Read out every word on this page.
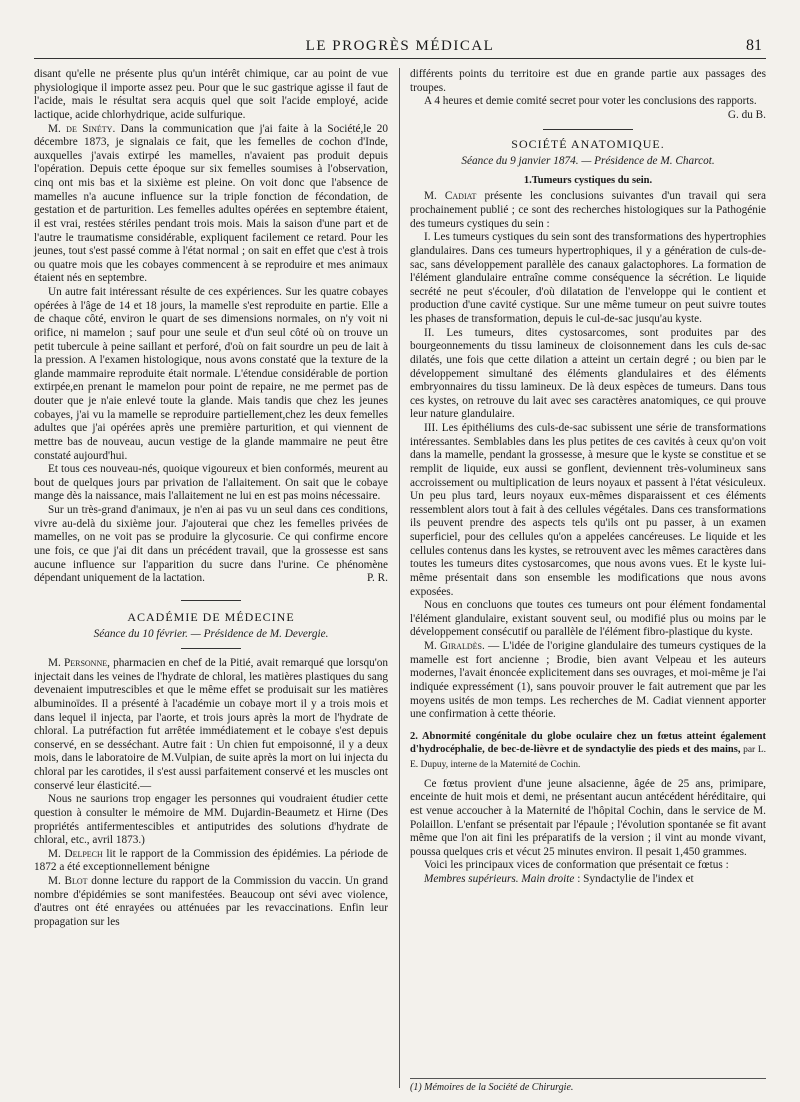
LE PROGRÈS MÉDICAL	81

disant qu'elle ne présente plus qu'un intérêt chimique, car au point de vue physiologique il importe assez peu. Pour que le suc gastrique agisse il faut de l'acide, mais le résultat sera acquis quel que soit l'acide employé, acide lactique, acide chlorhydrique, acide sulfurique.

M. de Sinéty. Dans la communication que j'ai faite à la Société,le 20 décembre 1873, je signalais ce fait, que les femelles de cochon d'Inde, auxquelles j'avais extirpé les mamelles, n'avaient pas produit depuis l'opération. Depuis cette époque sur six femelles soumises à l'observation, cinq ont mis bas et la sixième est pleine. On voit donc que l'absence de mamelles n'a aucune influence sur la triple fonction de fécondation, de gestation et de parturition. Les femelles adultes opérées en septembre étaient, il est vrai, restées stériles pendant trois mois. Mais la saison d'une part et de l'autre le traumatisme considérable, expliquent facilement ce retard. Pour les jeunes, tout s'est passé comme à l'état normal ; on sait en effet que c'est à trois ou quatre mois que les cobayes commencent à se reproduire et mes animaux étaient nés en septembre.

Un autre fait intéressant résulte de ces expériences. Sur les quatre cobayes opérées à l'âge de 14 et 18 jours, la mamelle s'est reproduite en partie. Elle a de chaque côté, environ le quart de ses dimensions normales, on n'y voit ni orifice, ni mamelon ; sauf pour une seule et d'un seul côté où on trouve un petit tubercule à peine saillant et perforé, d'où on fait sourdre un peu de lait à la pression. A l'examen histologique, nous avons constaté que la texture de la glande mammaire reproduite était normale. L'étendue considérable de portion extirpée,en prenant le mamelon pour point de repaire, ne me permet pas de douter que je n'aie enlevé toute la glande. Mais tandis que chez les jeunes cobayes, j'ai vu la mamelle se reproduire partiellement,chez les deux femelles adultes que j'ai opérées après une première parturition, et qui viennent de mettre bas de nouveau, aucun vestige de la glande mammaire ne peut être constaté aujourd'hui.

Et tous ces nouveau-nés, quoique vigoureux et bien conformés, meurent au bout de quelques jours par privation de l'allaitement. On sait que le cobaye mange dès la naissance, mais l'allaitement ne lui en est pas moins nécessaire.

Sur un très-grand d'animaux, je n'en ai pas vu un seul dans ces conditions, vivre au-delà du sixième jour. J'ajouterai que chez les femelles privées de mamelles, on ne voit pas se produire la glycosurie. Ce qui confirme encore une fois, ce que j'ai dit dans un précédent travail, que la grossesse est sans aucune influence sur l'apparition du sucre dans l'urine. Ce phénomène dépendant uniquement de la lactation.	P. R.

ACADÉMIE DE MÉDECINE
Séance du 10 février. — Présidence de M. Devergie.

M. Personne, pharmacien en chef de la Pitié, avait remarqué que lorsqu'on injectait dans les veines de l'hydrate de chloral, les matières plastiques du sang devenaient imputrescibles et que le même effet se produisait sur les matières albuminoïdes. Il a présenté à l'académie un cobaye mort il y a trois mois et dans lequel il injecta, par l'aorte, et trois jours après la mort de l'hydrate de chloral. La putréfaction fut arrêtée immédiatement et le cobaye s'est depuis conservé, en se desséchant. Autre fait : Un chien fut empoisonné, il y a deux mois, dans le laboratoire de M.Vulpian, de suite après la mort on lui injecta du chloral par les carotides, il s'est aussi parfaitement conservé et les muscles ont conservé leur élasticité.—

Nous ne saurions trop engager les personnes qui voudraient étudier cette question à consulter le mémoire de MM. Dujardin-Beaumetz et Hirne (Des propriétés antifermentescibles et antiputrides des solutions d'hydrate de chloral, etc., avril 1873.)

M. Delpech lit le rapport de la Commission des épidémies. La période de 1872 a été exceptionnellement bénigne

M. Blot donne lecture du rapport de la Commission du vaccin. Un grand nombre d'épidémies se sont manifestées. Beaucoup ont sévi avec violence, d'autres ont été enrayées ou atténuées par les revaccinations. Enfin leur propagation sur les

différents points du territoire est due en grande partie aux passages des troupes.

A 4 heures et demie comité secret pour voter les conclusions des rapports.
G. du B.

SOCIÉTÉ ANATOMIQUE.
Séance du 9 janvier 1874. — Présidence de M. Charcot.
1.Tumeurs cystiques du sein.

M. Cadiat présente les conclusions suivantes d'un travail qui sera prochainement publié ; ce sont des recherches histologiques sur la Pathogénie des tumeurs cystiques du sein :

I. Les tumeurs cystiques du sein sont des transformations des hypertrophies glandulaires. Dans ces tumeurs hypertrophiques, il y a génération de culs-de-sac, sans développement parallèle des canaux galactophores. La formation de l'élément glandulaire entraîne comme conséquence la sécrétion. Le liquide secrété ne peut s'écouler, d'où dilatation de l'enveloppe qui le contient et production d'une cavité cystique. Sur une même tumeur on peut suivre toutes les phases de transformation, depuis le cul-de-sac jusqu'au kyste.

II. Les tumeurs, dites cystosarcomes, sont produites par des bourgeonnements du tissu lamineux de cloisonnement dans les culs de-sac dilatés, une fois que cette dilation a atteint un certain degré ; ou bien par le développement simultané des éléments glandulaires et des éléments embryonnaires du tissu lamineux. De là deux espèces de tumeurs. Dans tous ces kystes, on retrouve du lait avec ses caractères anatomiques, ce qui prouve leur nature glandulaire.

III. Les épithéliums des culs-de-sac subissent une série de transformations intéressantes. Semblables dans les plus petites de ces cavités à ceux qu'on voit dans la mamelle, pendant la grossesse, à mesure que le kyste se constitue et se remplit de liquide, eux aussi se gonflent, deviennent très-volumineux sans accroissement ou multiplication de leurs noyaux et passent à l'état vésiculeux. Un peu plus tard, leurs noyaux eux-mêmes disparaissent et ces éléments ressemblent alors tout à fait à des cellules végétales. Dans ces transformations ils peuvent prendre des aspects tels qu'ils ont pu passer, à un examen superficiel, pour des cellules qu'on a appelées cancéreuses. Le liquide et les cellules contenus dans les kystes, se retrouvent avec les mêmes caractères dans toutes les tumeurs dites cystosarcomes, que nous avons vues. Et le kyste lui-même présentait dans son ensemble les modifications que nous avons exposées.

Nous en concluons que toutes ces tumeurs ont pour élément fondamental l'élément glandulaire, existant souvent seul, ou modifié plus ou moins par le développement consécutif ou parallèle de l'élément fibro-plastique du kyste.

M. Giraldès. — L'idée de l'origine glandulaire des tumeurs cystiques de la mamelle est fort ancienne ; Brodie, bien avant Velpeau et les auteurs modernes, l'avait énoncée explicitement dans ses ouvrages, et moi-même je l'ai indiquée expressément (1), sans pouvoir prouver le fait autrement que par les moyens usités de mon temps. Les recherches de M. Cadiat viennent apporter une confirmation à cette théorie.

2. Abnormité congénitale du globe oculaire chez un fœtus atteint également d'hydrocéphalie, de bec-de-lièvre et de syndactylie des pieds et des mains, par L. E. Dupuy, interne de la Maternité de Cochin.

Ce fœtus provient d'une jeune alsacienne, âgée de 25 ans, primipare, enceinte de huit mois et demi, ne présentant aucun antécédent héréditaire, qui est venue accoucher à la Maternité de l'hôpital Cochin, dans le service de M. Polaillon. L'enfant se présentait par l'épaule ; l'évolution spontanée se fit avant même que l'on ait fini les préparatifs de la version ; il vint au monde vivant, poussa quelques cris et vécut 25 minutes environ. Il pesait 1,450 grammes.

Voici les principaux vices de conformation que présentait ce fœtus :

Membres supérieurs. Main droite : Syndactylie de l'index et

(1) Mémoires de la Société de Chirurgie.
